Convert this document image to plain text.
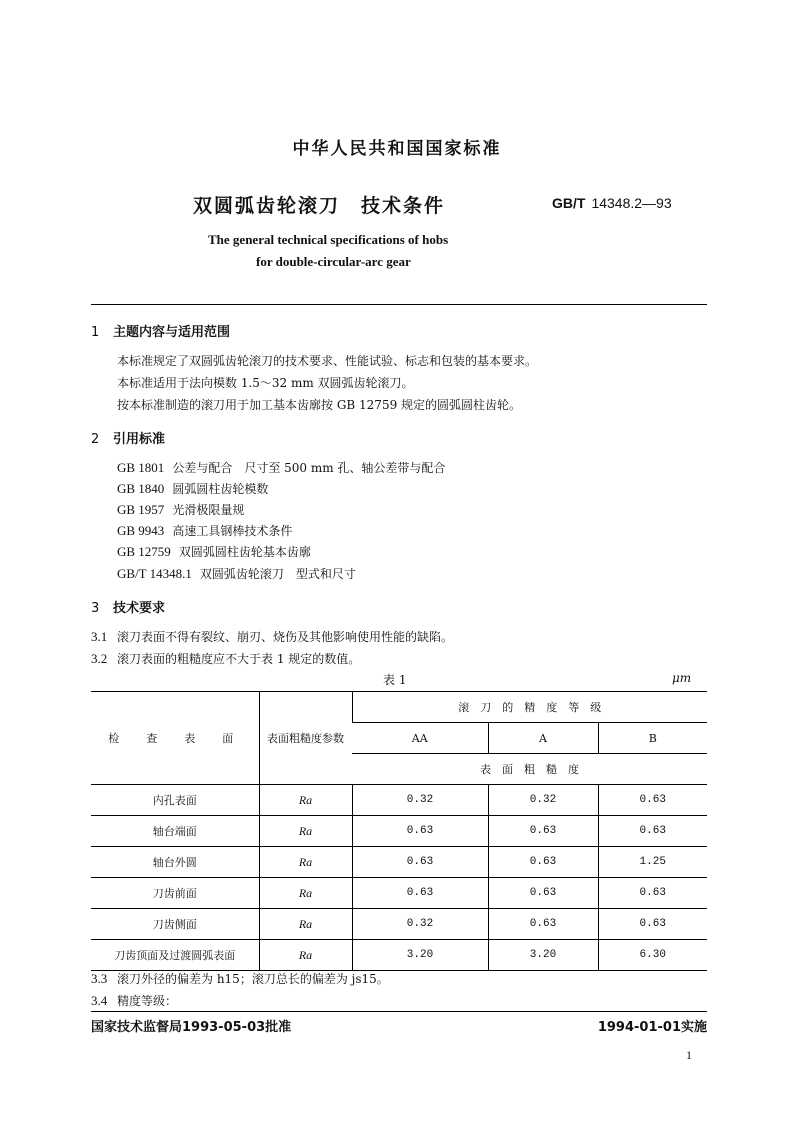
中华人民共和国国家标准
双圆弧齿轮滚刀　技术条件	GB/T 14348.2—93
The general technical specifications of hobs
for double-circular-arc gear
1 主题内容与适用范围
本标准规定了双圆弧齿轮滚刀的技术要求、性能试验、标志和包装的基本要求。
本标准适用于法向模数 1.5～32 mm 双圆弧齿轮滚刀。
按本标准制造的滚刀用于加工基本齿廓按 GB 12759 规定的圆弧圆柱齿轮。
2 引用标准
GB 1801 公差与配合　尺寸至 500 mm 孔、轴公差带与配合
GB 1840 圆弧圆柱齿轮模数
GB 1957 光滑极限量规
GB 9943 高速工具钢棒技术条件
GB 12759 双圆弧圆柱齿轮基本齿廓
GB/T 14348.1 双圆弧齿轮滚刀　型式和尺寸
3 技术要求
3.1 滚刀表面不得有裂纹、崩刃、烧伤及其他影响使用性能的缺陷。
3.2 滚刀表面的粗糙度应不大于表 1 规定的数值。
表 1	μm
检　查　表　面	表面粗糙度参数	滚　刀　的　精　度　等　级		
		AA	A	B
		表　面　粗　糙　度		
内孔表面	Ra	0.32	0.32	0.63
轴台端面	Ra	0.63	0.63	0.63
轴台外圆	Ra	0.63	0.63	1.25
刀齿前面	Ra	0.63	0.63	0.63
刀齿侧面	Ra	0.32	0.63	0.63
刀齿顶面及过渡圆弧表面	Ra	3.20	3.20	6.30
3.3 滚刀外径的偏差为 h15；滚刀总长的偏差为 js15。
3.4 精度等级：
国家技术监督局1993-05-03批准	1994-01-01实施
1
